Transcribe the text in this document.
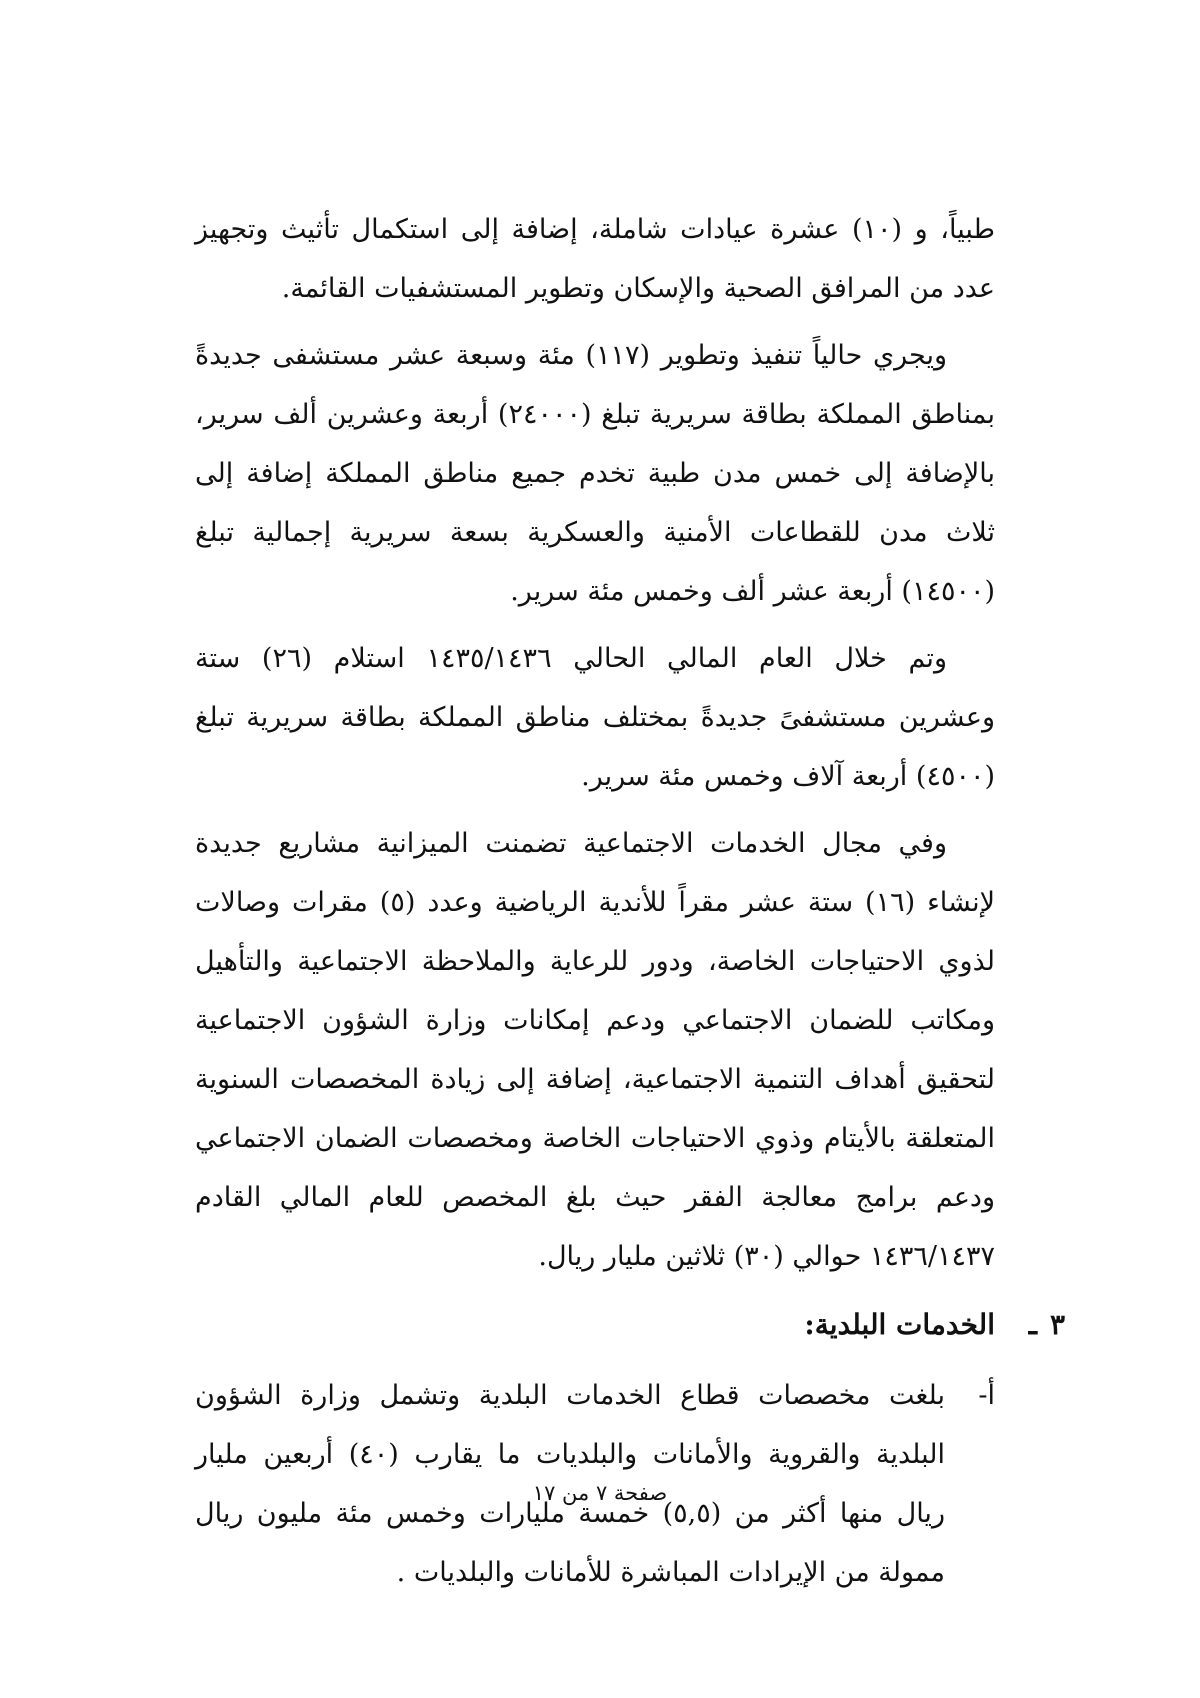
طبياً، و (١٠) عشرة عيادات شاملة، إضافة إلى استكمال تأثيث وتجهيز عدد من المرافق الصحية والإسكان وتطوير المستشفيات القائمة.

ويجري حالياً تنفيذ وتطوير (١١٧) مئة وسبعة عشر مستشفى جديدةً بمناطق المملكة بطاقة سريرية تبلغ (٢٤٠٠٠) أربعة وعشرين ألف سرير، بالإضافة إلى خمس مدن طبية تخدم جميع مناطق المملكة إضافة إلى ثلاث مدن للقطاعات الأمنية والعسكرية بسعة سريرية إجمالية تبلغ (١٤٥٠٠) أربعة عشر ألف وخمس مئة سرير.

وتم خلال العام المالي الحالي ١٤٣٥/١٤٣٦ استلام (٢٦) ستة وعشرين مستشفىً جديدةً بمختلف مناطق المملكة بطاقة سريرية تبلغ (٤٥٠٠) أربعة آلاف وخمس مئة سرير.

وفي مجال الخدمات الاجتماعية تضمنت الميزانية مشاريع جديدة لإنشاء (١٦) ستة عشر مقراً للأندية الرياضية وعدد (٥) مقرات وصالات لذوي الاحتياجات الخاصة، ودور للرعاية والملاحظة الاجتماعية والتأهيل ومكاتب للضمان الاجتماعي ودعم إمكانات وزارة الشؤون الاجتماعية لتحقيق أهداف التنمية الاجتماعية، إضافة إلى زيادة المخصصات السنوية المتعلقة بالأيتام وذوي الاحتياجات الخاصة ومخصصات الضمان الاجتماعي ودعم برامج معالجة الفقر حيث بلغ المخصص للعام المالي القادم ١٤٣٦/١٤٣٧ حوالي (٣٠) ثلاثين مليار ريال.

٣
ـ
الخدمات البلدية:
أ-

بلغت مخصصات قطاع الخدمات البلدية وتشمل وزارة الشؤون البلدية والقروية والأمانات والبلديات ما يقارب (٤٠) أربعين مليار ريال منها أكثر من (٥,٥) خمسة مليارات وخمس مئة مليون ريال ممولة من الإيرادات المباشرة للأمانات والبلديات .

صفحة ٧ من ١٧
